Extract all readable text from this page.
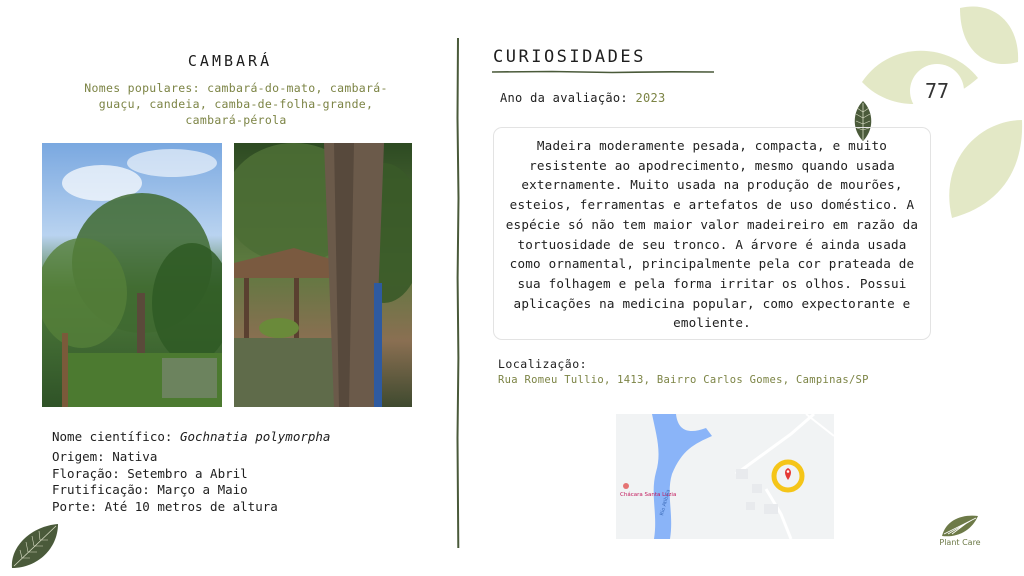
77
CAMBARÁ
Nomes populares: cambará-do-mato, cambará-guaçu, candeia, camba-de-folha-grande, cambará-pérola
Nome científico: Gochnatia polymorpha
Origem: Nativa
Floração: Setembro a Abril
Frutificação: Março a Maio
Porte: Até 10 metros de altura
CURIOSIDADES
Ano da avaliação: 2023
Madeira moderamente pesada, compacta, e muito resistente ao apodrecimento, mesmo quando usada externamente. Muito usada na produção de mourões, esteios, ferramentas e artefatos de uso doméstico. A espécie só não tem maior valor madeireiro em razão da tortuosidade de seu tronco. A árvore é ainda usada como ornamental, principalmente pela cor prateada de sua folhagem e pela forma irritar os olhos. Possui aplicações na medicina popular, como expectorante e emoliente.
Localização:
Rua Romeu Tullio, 1413, Bairro Carlos Gomes, Campinas/SP
Chácara Santa Luzia
Rio Atibaia
Plant Care
